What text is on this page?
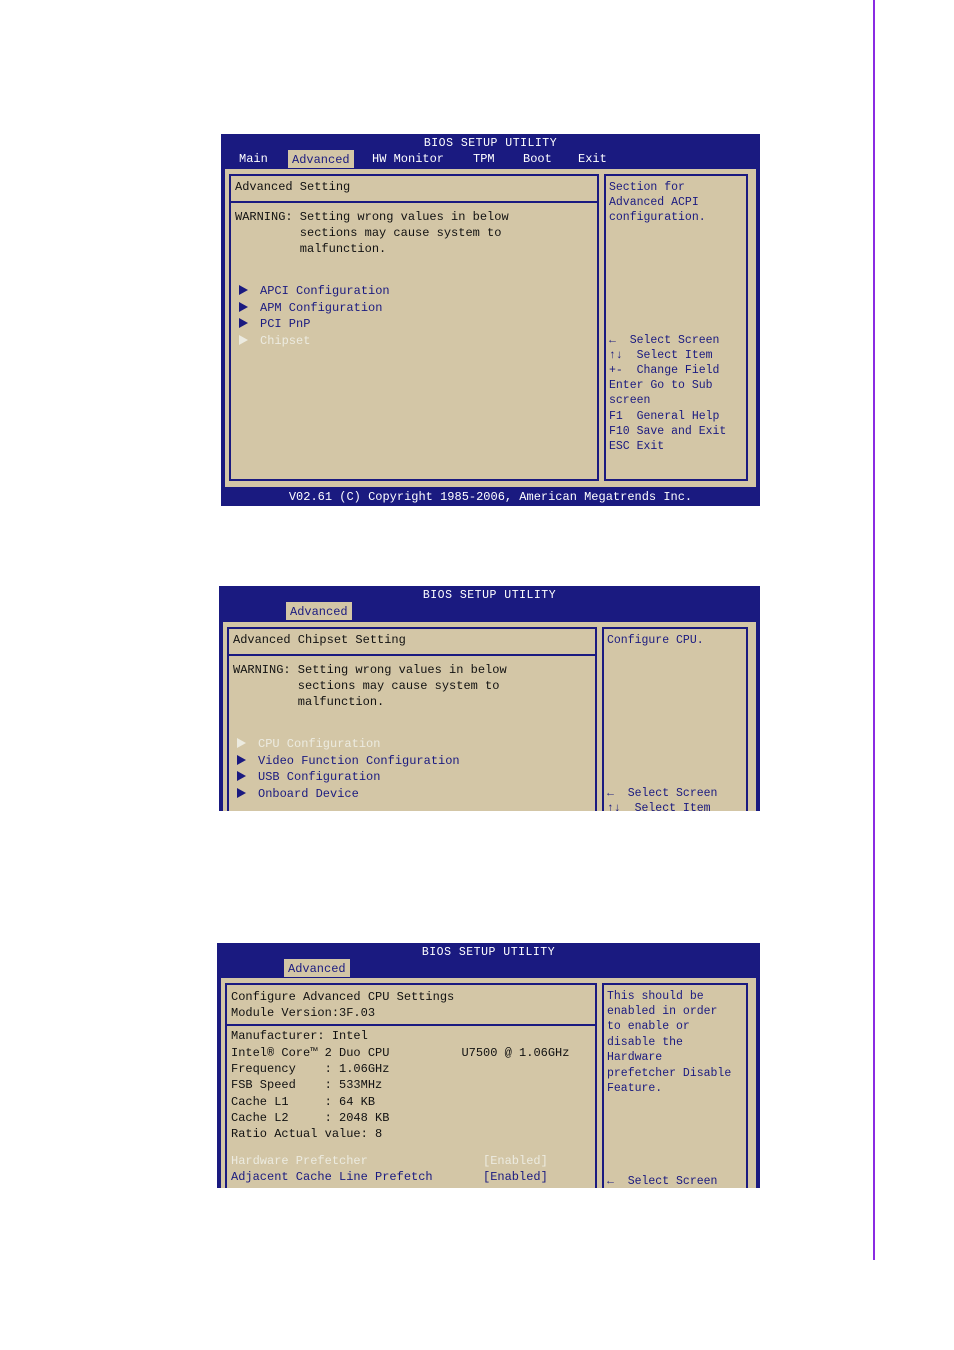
BIOS SETUP UTILITY
Main	Advanced	HW Monitor TPM Boot Exit
Advanced Setting
WARNING: Setting wrong values in below
sections may cause system to
malfunction.
APCI Configuration
APM Configuration
PCI PnP
Chipset
Section for
Advanced ACPI
configuration.
←  Select Screen
↑↓  Select Item
+-  Change Field
Enter Go to Sub
screen
F1  General Help
F10 Save and Exit
ESC Exit
V02.61 (C) Copyright 1985-2006, American Megatrends Inc.
BIOS SETUP UTILITY
Advanced
Advanced Chipset Setting
WARNING: Setting wrong values in below
sections may cause system to
malfunction.
CPU Configuration
Video Function Configuration
USB Configuration
Onboard Device
Configure CPU.
←  Select Screen
↑↓  Select Item
BIOS SETUP UTILITY
Advanced
Configure Advanced CPU Settings
Module Version:3F.03
Manufacturer: Intel
Intel® Core™ 2 Duo CPU          U7500 @ 1.06GHz
Frequency    : 1.06GHz
FSB Speed    : 533MHz
Cache L1     : 64 KB
Cache L2     : 2048 KB
Ratio Actual value: 8
Hardware Prefetcher	[Enabled]
Adjacent Cache Line Prefetch	[Enabled]
This should be
enabled in order
to enable or
disable the
Hardware
prefetcher Disable
Feature.
←  Select Screen
